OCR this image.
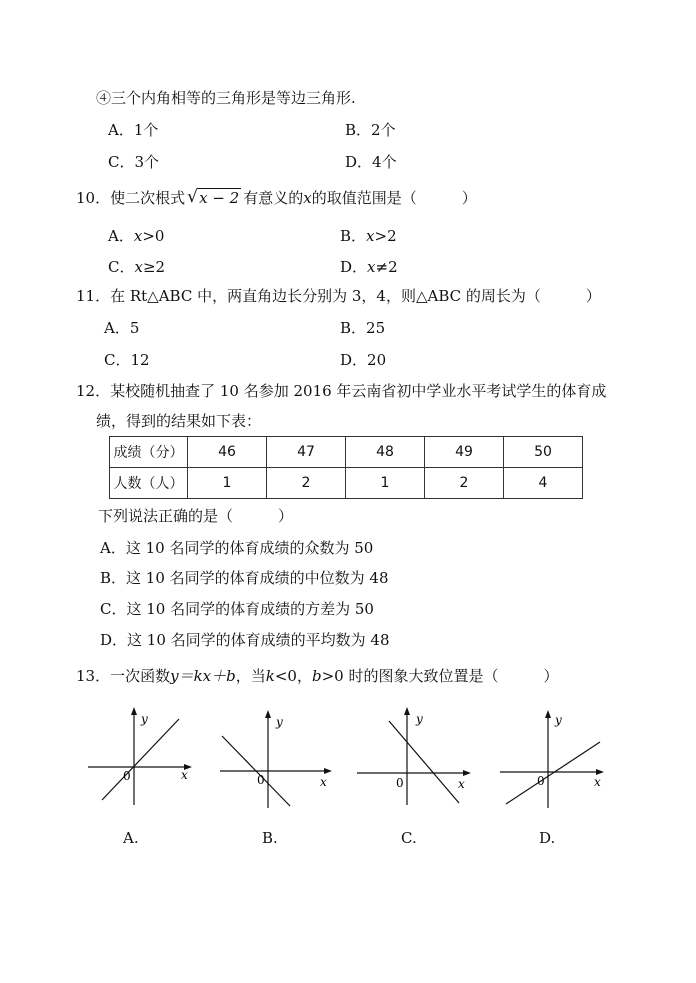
④三个内角相等的三角形是等边三角形.
A．1个	B．2个
C．3个	D．4个
10．使二次根式 √ x − 2 有意义的x的取值范围是（　　　）
A．x>0	B．x>2
C．x≥2	D．x≠2
11．在 Rt△ABC 中，两直角边长分别为 3，4，则△ABC 的周长为（　　　）
A．5	B．25
C．12	D．20
12．某校随机抽查了 10 名参加 2016 年云南省初中学业水平考试学生的体育成
绩，得到的结果如下表：
成绩（分）	46	47	48	49	50
人数（人）	1	2	1	2	4
下列说法正确的是（　　　）
A．这 10 名同学的体育成绩的众数为 50
B．这 10 名同学的体育成绩的中位数为 48
C．这 10 名同学的体育成绩的方差为 50
D．这 10 名同学的体育成绩的平均数为 48
13．一次函数y＝kx＋b，当k<0，b>0 时的图象大致位置是（　　　）
y
x
0
y
x
0
y
x
0
y
x
0
A.	B.	C.	D.
